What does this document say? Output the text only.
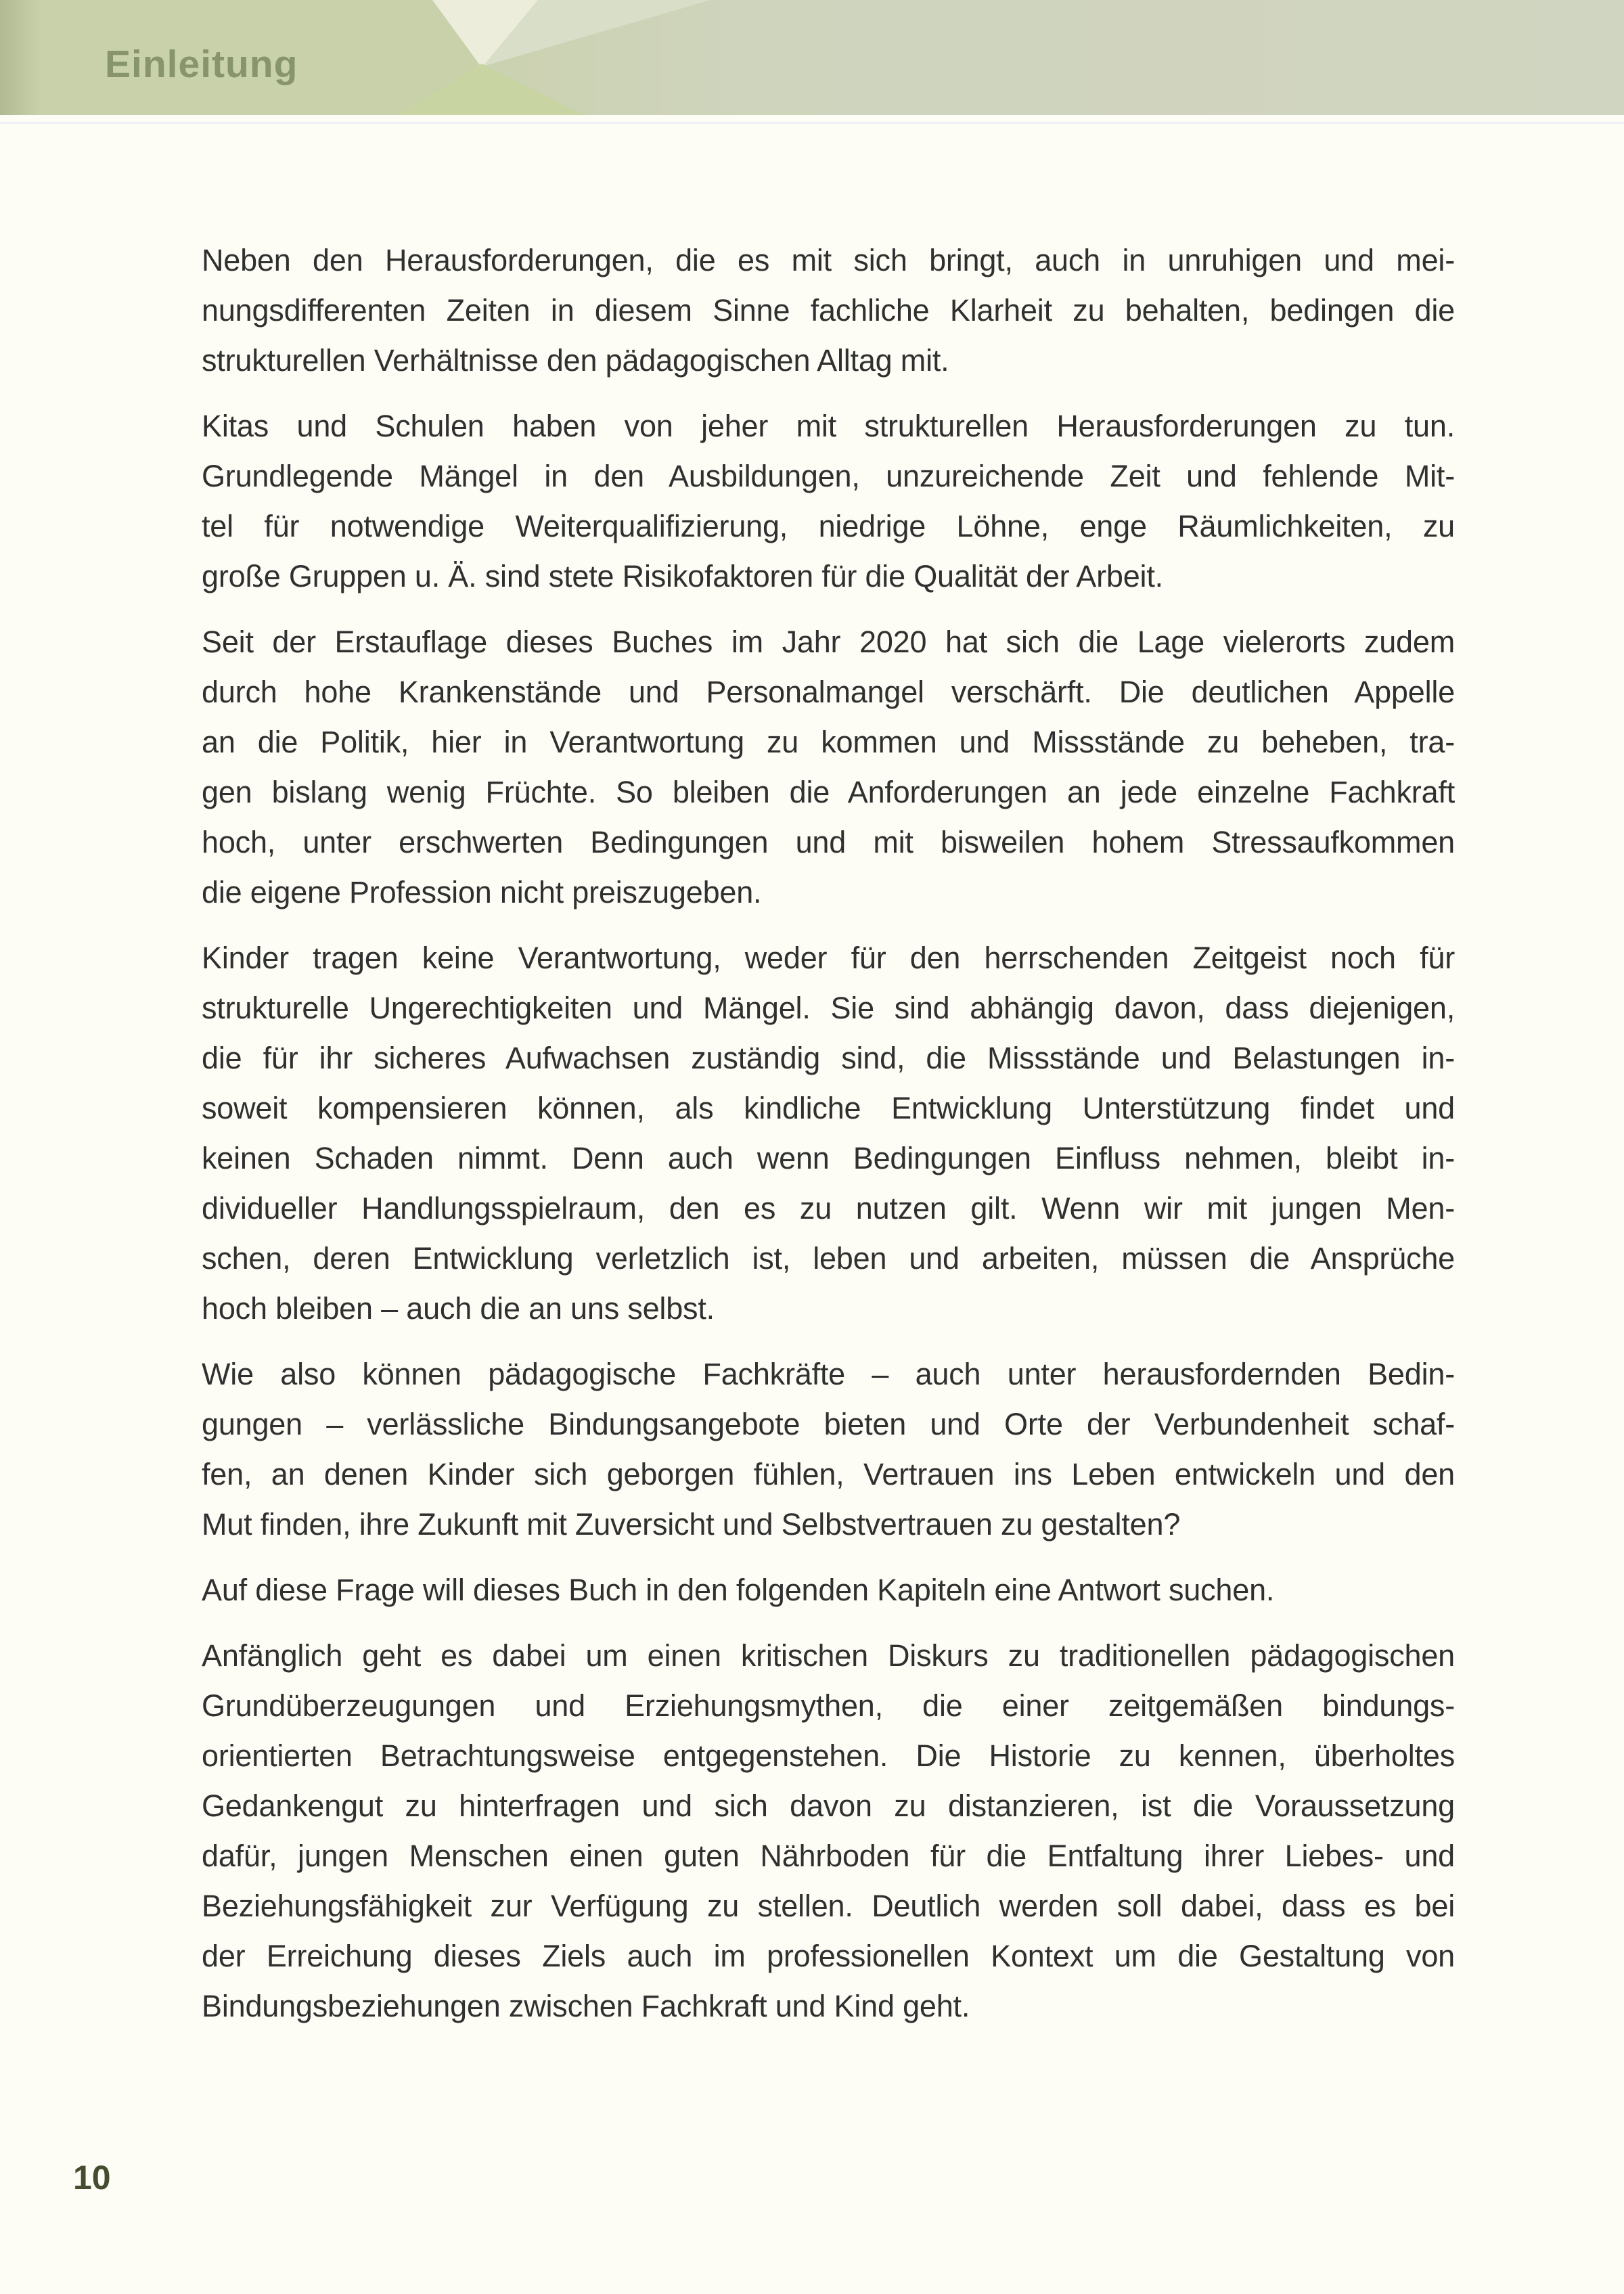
Einleitung

Neben den Herausforderungen, die es mit sich bringt, auch in unruhigen und mei-
nungsdifferenten Zeiten in diesem Sinne fachliche Klarheit zu behalten, bedingen die
strukturellen Verhältnisse den pädagogischen Alltag mit.

Kitas und Schulen haben von jeher mit strukturellen Herausforderungen zu tun.
Grundlegende Mängel in den Ausbildungen, unzureichende Zeit und fehlende Mit-
tel für notwendige Weiterqualifizierung, niedrige Löhne, enge Räumlichkeiten, zu
große Gruppen u. Ä. sind stete Risikofaktoren für die Qualität der Arbeit.

Seit der Erstauflage dieses Buches im Jahr 2020 hat sich die Lage vielerorts zudem
durch hohe Krankenstände und Personalmangel verschärft. Die deutlichen Appelle
an die Politik, hier in Verantwortung zu kommen und Missstände zu beheben, tra-
gen bislang wenig Früchte. So bleiben die Anforderungen an jede einzelne Fachkraft
hoch, unter erschwerten Bedingungen und mit bisweilen hohem Stressaufkommen
die eigene Profession nicht preiszugeben.

Kinder tragen keine Verantwortung, weder für den herrschenden Zeitgeist noch für
strukturelle Ungerechtigkeiten und Mängel. Sie sind abhängig davon, dass diejenigen,
die für ihr sicheres Aufwachsen zuständig sind, die Missstände und Belastungen in-
soweit kompensieren können, als kindliche Entwicklung Unterstützung findet und
keinen Schaden nimmt. Denn auch wenn Bedingungen Einfluss nehmen, bleibt in-
dividueller Handlungsspielraum, den es zu nutzen gilt. Wenn wir mit jungen Men-
schen, deren Entwicklung verletzlich ist, leben und arbeiten, müssen die Ansprüche
hoch bleiben – auch die an uns selbst.

Wie also können pädagogische Fachkräfte – auch unter herausfordernden Bedin-
gungen – verlässliche Bindungsangebote bieten und Orte der Verbundenheit schaf-
fen, an denen Kinder sich geborgen fühlen, Vertrauen ins Leben entwickeln und den
Mut finden, ihre Zukunft mit Zuversicht und Selbstvertrauen zu gestalten?

Auf diese Frage will dieses Buch in den folgenden Kapiteln eine Antwort suchen.

Anfänglich geht es dabei um einen kritischen Diskurs zu traditionellen pädagogischen
Grundüberzeugungen und Erziehungsmythen, die einer zeitgemäßen bindungs-
orientierten Betrachtungsweise entgegenstehen. Die Historie zu kennen, überholtes
Gedankengut zu hinterfragen und sich davon zu distanzieren, ist die Voraussetzung
dafür, jungen Menschen einen guten Nährboden für die Entfaltung ihrer Liebes- und
Beziehungsfähigkeit zur Verfügung zu stellen. Deutlich werden soll dabei, dass es bei
der Erreichung dieses Ziels auch im professionellen Kontext um die Gestaltung von
Bindungsbeziehungen zwischen Fachkraft und Kind geht.

10
